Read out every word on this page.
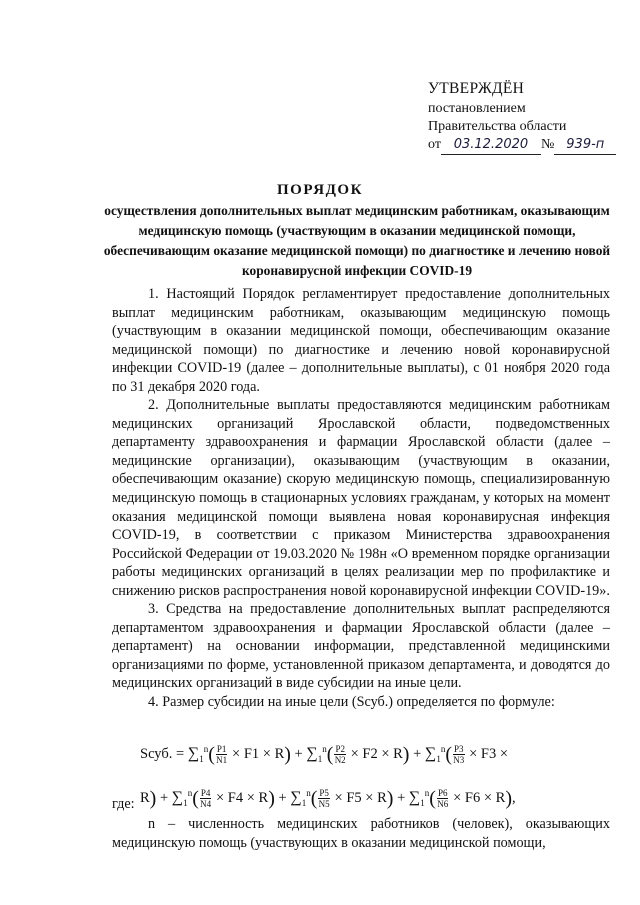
УТВЕРЖДЁН
постановлением
Правительства области
от 03.12.2020 № 939-п
ПОРЯДОК
осуществления дополнительных выплат медицинским работникам, оказывающим медицинскую помощь (участвующим в оказании медицинской помощи, обеспечивающим оказание медицинской помощи) по диагностике и лечению новой коронавирусной инфекции COVID-19

1. Настоящий Порядок регламентирует предоставление дополнительных выплат медицинским работникам, оказывающим медицинскую помощь (участвующим в оказании медицинской помощи, обеспечивающим оказание медицинской помощи) по диагностике и лечению новой коронавирусной инфекции COVID-19 (далее – дополнительные выплаты), с 01 ноября 2020 года по 31 декабря 2020 года.

2. Дополнительные выплаты предоставляются медицинским работникам медицинских организаций Ярославской области, подведомственных департаменту здравоохранения и фармации Ярославской области (далее – медицинские организации), оказывающим (участвующим в оказании, обеспечивающим оказание) скорую медицинскую помощь, специализированную медицинскую помощь в стационарных условиях гражданам, у которых на момент оказания медицинской помощи выявлена новая коронавирусная инфекция COVID-19, в соответствии с приказом Министерства здравоохранения Российской Федерации от 19.03.2020 № 198н «О временном порядке организации работы медицинских организаций в целях реализации мер по профилактике и снижению рисков распространения новой коронавирусной инфекции COVID-19».

3. Средства на предоставление дополнительных выплат распределяются департаментом здравоохранения и фармации Ярославской области (далее – департамент) на основании информации, представленной медицинскими организациями по форме, установленной приказом департамента, и доводятся до медицинских организаций в виде субсидии на иные цели.

4. Размер субсидии на иные цели (Sсуб.) определяется по формуле:

Sсуб. = $\sum_1^n( \frac{P1}{N1} \times F1 \times R) + \sum_1^n( \frac{P2}{N2} \times F2 \times R) + \sum_1^n( \frac{P3}{N3} \times F3$ ×
$R) + \sum_1^n( \frac{P4}{N4} \times F4 \times R) + \sum_1^n( \frac{P5}{N5} \times F5 \times R) + \sum_1^n( \frac{P6}{N6} \times F6 \times R)$,
где:

n – численность медицинских работников (человек), оказывающих медицинскую помощь (участвующих в оказании медицинской помощи,
